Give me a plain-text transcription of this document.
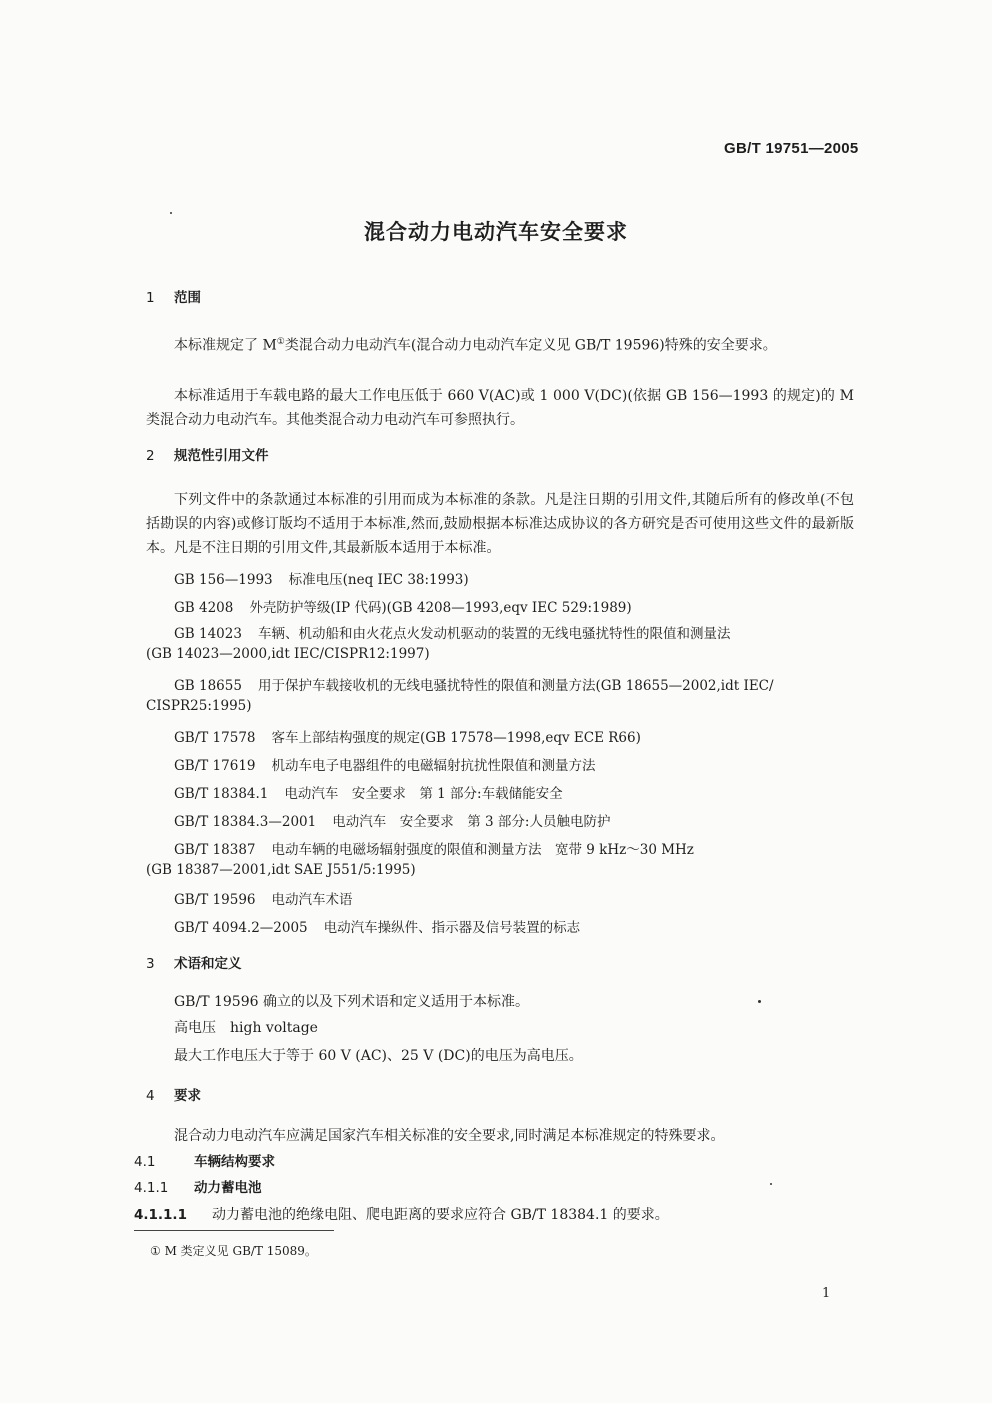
GB/T 19751—2005
混合动力电动汽车安全要求
1 范围
本标准规定了 M①类混合动力电动汽车(混合动力电动汽车定义见 GB/T 19596)特殊的安全要求。
本标准适用于车载电路的最大工作电压低于 660 V(AC)或 1 000 V(DC)(依据 GB 156—1993 的规定)的 M 类混合动力电动汽车。其他类混合动力电动汽车可参照执行。
2 规范性引用文件
下列文件中的条款通过本标准的引用而成为本标准的条款。凡是注日期的引用文件,其随后所有的修改单(不包括勘误的内容)或修订版均不适用于本标准,然而,鼓励根据本标准达成协议的各方研究是否可使用这些文件的最新版本。凡是不注日期的引用文件,其最新版本适用于本标准。
GB 156—1993 标准电压(neq IEC 38:1993)
GB 4208 外壳防护等级(IP 代码)(GB 4208—1993,eqv IEC 529:1989)
GB 14023 车辆、机动船和由火花点火发动机驱动的装置的无线电骚扰特性的限值和测量法
(GB 14023—2000,idt IEC/CISPR12:1997)
GB 18655 用于保护车载接收机的无线电骚扰特性的限值和测量方法(GB 18655—2002,idt IEC/
CISPR25:1995)
GB/T 17578 客车上部结构强度的规定(GB 17578—1998,eqv ECE R66)
GB/T 17619 机动车电子电器组件的电磁辐射抗扰性限值和测量方法
GB/T 18384.1 电动汽车　安全要求　第 1 部分:车载储能安全
GB/T 18384.3—2001 电动汽车　安全要求　第 3 部分:人员触电防护
GB/T 18387 电动车辆的电磁场辐射强度的限值和测量方法　宽带 9 kHz～30 MHz
(GB 18387—2001,idt SAE J551/5:1995)
GB/T 19596 电动汽车术语
GB/T 4094.2—2005 电动汽车操纵件、指示器及信号装置的标志
3 术语和定义
GB/T 19596 确立的以及下列术语和定义适用于本标准。
高电压　high voltage
最大工作电压大于等于 60 V (AC)、25 V (DC)的电压为高电压。
4 要求
混合动力电动汽车应满足国家汽车相关标准的安全要求,同时满足本标准规定的特殊要求。
4.1	车辆结构要求
4.1.1 动力蓄电池
4.1.1.1 动力蓄电池的绝缘电阻、爬电距离的要求应符合 GB/T 18384.1 的要求。
① M 类定义见 GB/T 15089。
1
